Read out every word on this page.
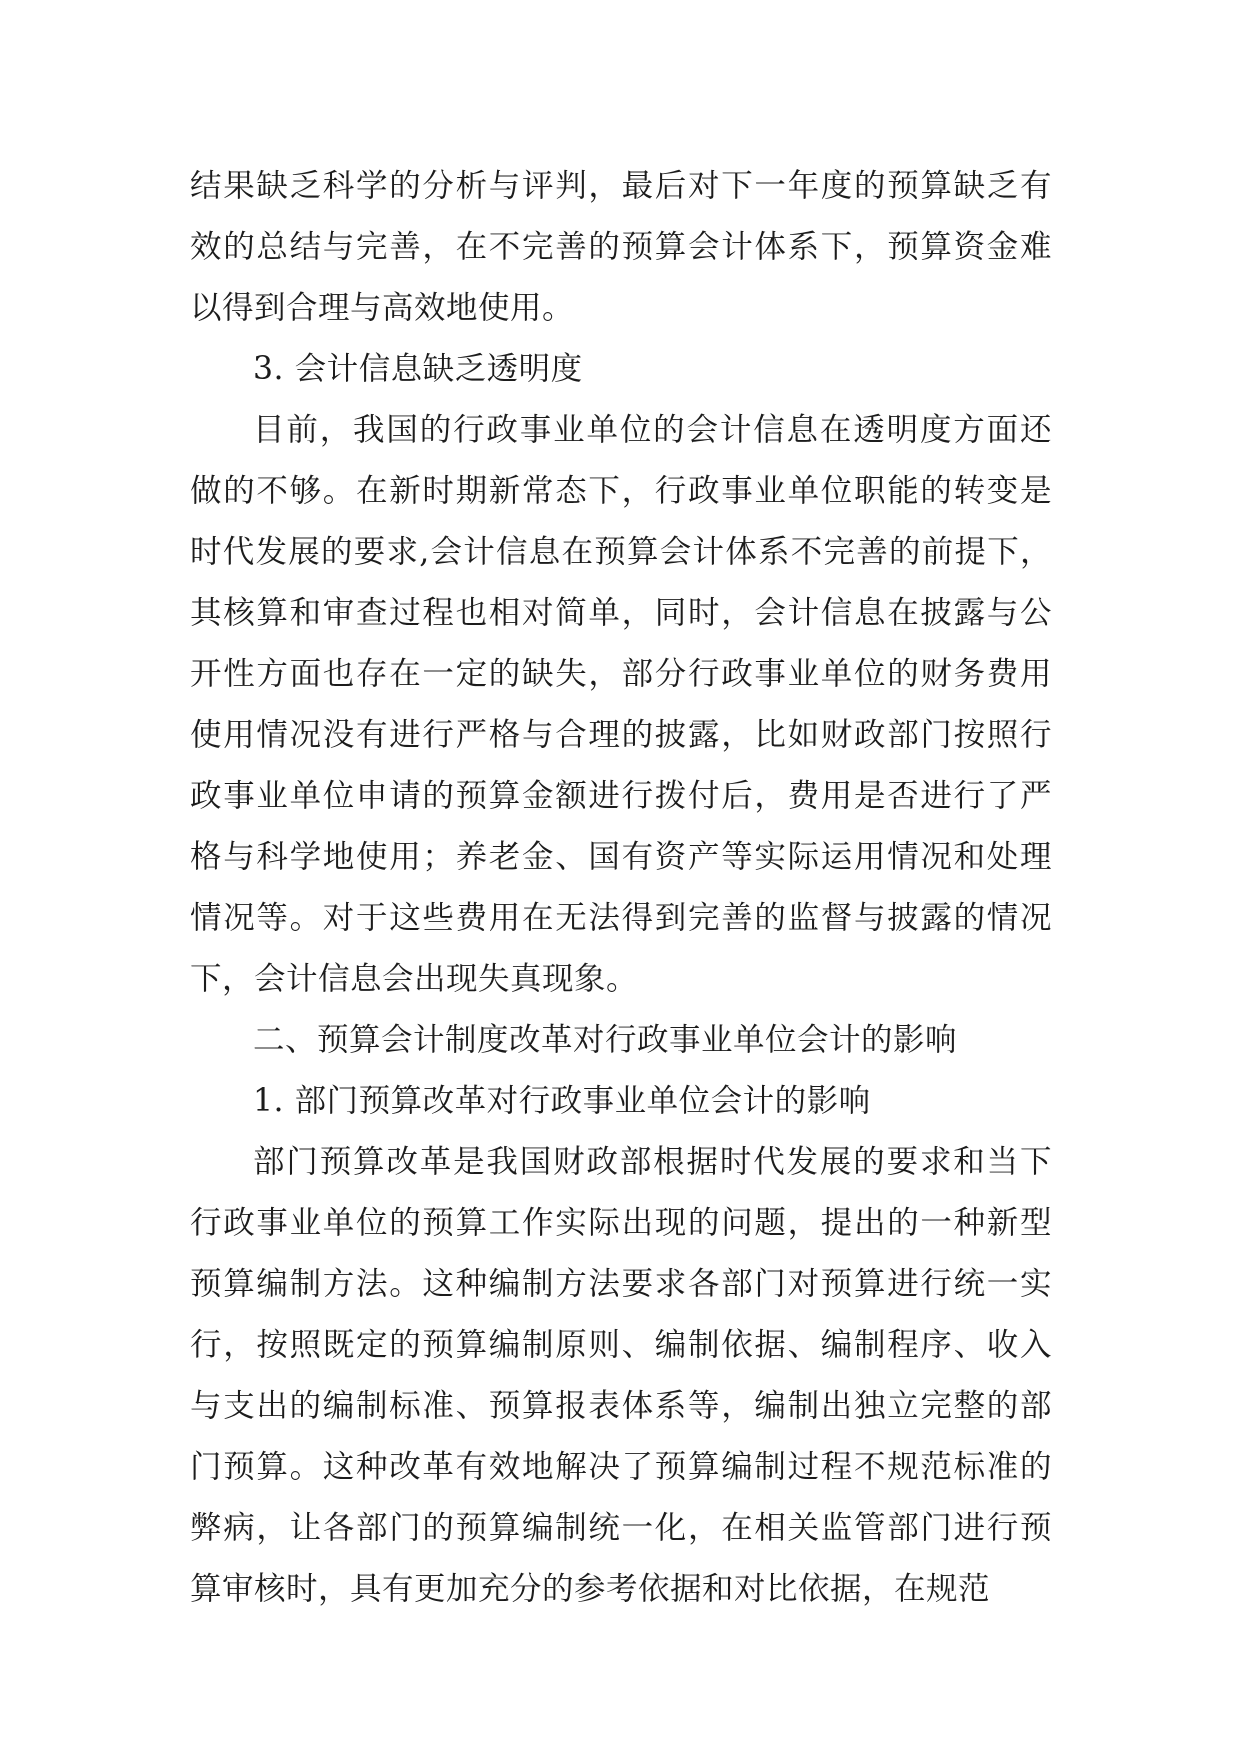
结果缺乏科学的分析与评判，最后对下一年度的预算缺乏有效的总结与完善，在不完善的预算会计体系下，预算资金难以得到合理与高效地使用。

3. 会计信息缺乏透明度

目前，我国的行政事业单位的会计信息在透明度方面还做的不够。在新时期新常态下，行政事业单位职能的转变是时代发展的要求,会计信息在预算会计体系不完善的前提下，其核算和审查过程也相对简单，同时，会计信息在披露与公开性方面也存在一定的缺失，部分行政事业单位的财务费用使用情况没有进行严格与合理的披露，比如财政部门按照行政事业单位申请的预算金额进行拨付后，费用是否进行了严格与科学地使用；养老金、国有资产等实际运用情况和处理情况等。对于这些费用在无法得到完善的监督与披露的情况下，会计信息会出现失真现象。

二、预算会计制度改革对行政事业单位会计的影响

1. 部门预算改革对行政事业单位会计的影响

部门预算改革是我国财政部根据时代发展的要求和当下行政事业单位的预算工作实际出现的问题，提出的一种新型预算编制方法。这种编制方法要求各部门对预算进行统一实行，按照既定的预算编制原则、编制依据、编制程序、收入与支出的编制标准、预算报表体系等，编制出独立完整的部门预算。这种改革有效地解决了预算编制过程不规范标准的弊病，让各部门的预算编制统一化，在相关监管部门进行预算审核时，具有更加充分的参考依据和对比依据，在规范
